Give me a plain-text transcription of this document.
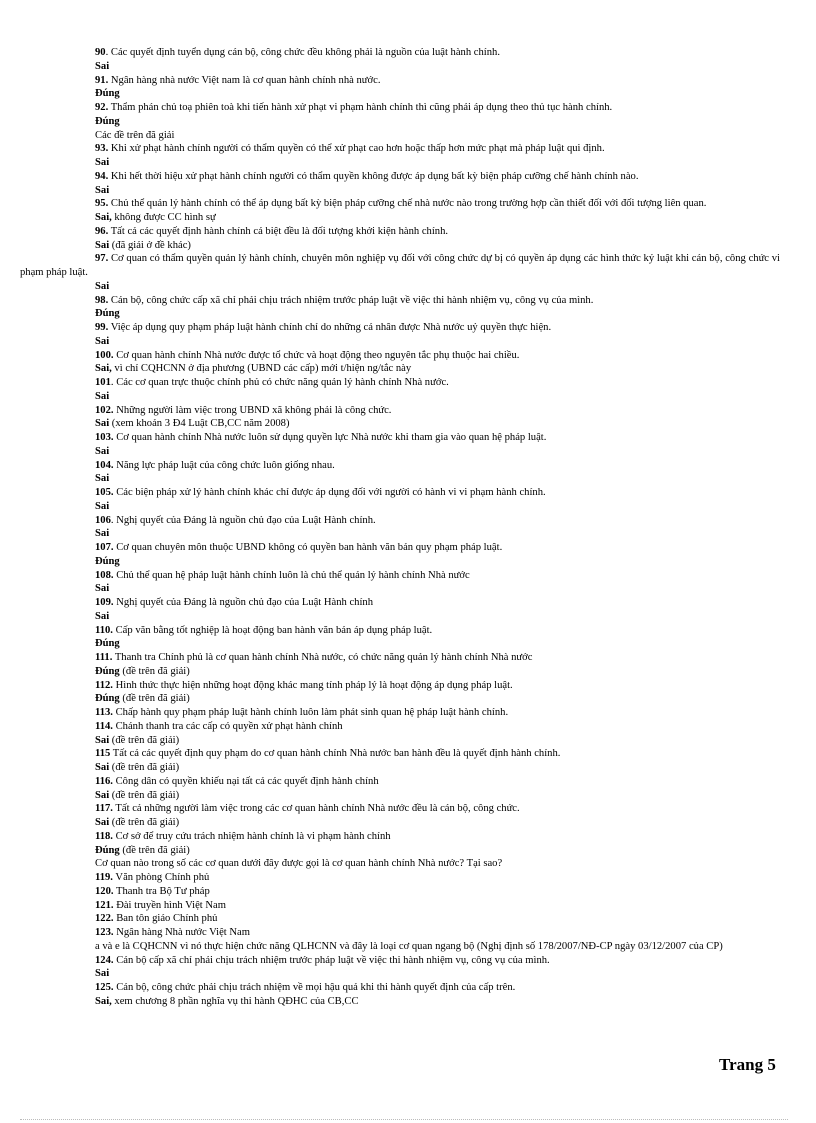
90. Các quyết định tuyển dụng cán bộ, công chức đều không phải là nguồn của luật hành chính.
Sai
91. Ngân hàng nhà nước Việt nam là cơ quan hành chính nhà nước.
Đúng
92. Thẩm phán chủ toạ phiên toà khi tiến hành xử phạt vi phạm hành chính thì cũng phải áp dụng theo thủ tục hành chính.
Đúng
Các đề trên đã giải
93. Khi xử phạt hành chính người có thẩm quyền có thể xử phạt cao hơn hoặc thấp hơn mức phạt mà pháp luật qui định.
Sai
94. Khi hết thời hiệu xử phạt hành chính người có thẩm quyền không được áp dụng bất kỳ biện pháp cưỡng chế hành chính nào.
Sai
95. Chủ thể quản lý hành chính có thể áp dụng bất kỳ biện pháp cưỡng chế nhà nước nào trong trường hợp cần thiết đối với đối tượng liên quan.
Sai, không được CC hình sự
96. Tất cả các quyết định hành chính cá biệt đều là đối tượng khởi kiện hành chính.
Sai (đã giải ở đề khác)
97. Cơ quan có thẩm quyền quản lý hành chính, chuyên môn nghiệp vụ đối với công chức dự bị có quyền áp dụng các hình thức kỷ luật khi cán bộ, công chức vi phạm pháp luật.
Sai
98. Cán bộ, công chức cấp xã chỉ phải chịu trách nhiệm trước pháp luật về việc thi hành nhiệm vụ, công vụ của mình.
Đúng
99. Việc áp dụng quy phạm pháp luật hành chính chỉ do những cá nhân được Nhà nước uỷ quyền thực hiện.
Sai
100. Cơ quan hành chính Nhà nước được tổ chức và hoạt động theo nguyên tắc phụ thuộc hai chiều.
Sai, vì chỉ CQHCNN ở địa phương (UBND các cấp) mới t/hiện ng/tắc này
101. Các cơ quan trực thuộc chính phủ có chức năng quản lý hành chính Nhà nước.
Sai
102. Những người làm việc trong UBND xã không phải là công chức.
Sai (xem khoản 3 Đ4 Luật CB,CC năm 2008)
103. Cơ quan hành chính Nhà nước luôn sử dụng quyền lực Nhà nước khi tham gia vào quan hệ pháp luật.
Sai
104. Năng lực pháp luật của công chức luôn giống nhau.
Sai
105. Các biện pháp xử lý hành chính khác chỉ được áp dụng đối với người có hành vi vi phạm hành chính.
Sai
106. Nghị quyết của Đảng là nguồn chủ đạo của Luật Hành chính.
Sai
107. Cơ quan chuyên môn thuộc UBND không có quyền ban hành văn bản quy phạm pháp luật.
Đúng
108. Chủ thể quan hệ pháp luật hành chính luôn là chủ thể quản lý hành chính Nhà nước
Sai
109. Nghị quyết của Đảng là nguồn chủ đạo của Luật Hành chính
Sai
110. Cấp văn bằng tốt nghiệp là hoạt động ban hành văn bản áp dụng pháp luật.
Đúng
111. Thanh tra Chính phủ là cơ quan hành chính Nhà nước, có chức năng quản lý hành chính Nhà nước
Đúng (đề trên đã giải)
112. Hình thức thực hiện những hoạt động khác mang tính pháp lý là hoạt động áp dụng pháp luật.
Đúng (đề trên đã giải)
113. Chấp hành quy phạm pháp luật hành chính luôn làm phát sinh quan hệ pháp luật hành chính.
114. Chánh thanh tra các cấp có quyền xử phạt hành chính
Sai (đề trên đã giải)
115 Tất cả các quyết định quy phạm do cơ quan hành chính Nhà nước ban hành đều là quyết định hành chính.
Sai (đề trên đã giải)
116. Công dân có quyền khiếu nại tất cả các quyết định hành chính
Sai (đề trên đã giải)
117. Tất cả những người làm việc trong các cơ quan hành chính Nhà nước đều là cán bộ, công chức.
Sai (đề trên đã giải)
118. Cơ sở để truy cứu trách nhiệm hành chính là vi phạm hành chính
Đúng (đề trên đã giải)
Cơ quan nào trong số các cơ quan dưới đây được gọi là cơ quan hành chính Nhà nước? Tại sao?
119. Văn phòng Chính phủ
120. Thanh tra Bộ Tư pháp
121. Đài truyền hình Việt Nam
122. Ban tôn giáo Chính phủ
123. Ngân hàng Nhà nước Việt Nam
a và e là CQHCNN vì nó thực hiện chức năng QLHCNN và đây là loại cơ quan ngang bộ (Nghị định số 178/2007/NĐ-CP ngày 03/12/2007 của CP)
124. Cán bộ cấp xã chỉ phải chịu trách nhiệm trước pháp luật về việc thi hành nhiệm vụ, công vụ của mình.
Sai
125. Cán bộ, công chức phải chịu trách nhiệm về mọi hậu quả khi thi hành quyết định của cấp trên.
Sai, xem chương 8 phần nghĩa vụ thi hành QĐHC của CB,CC
Trang 5
